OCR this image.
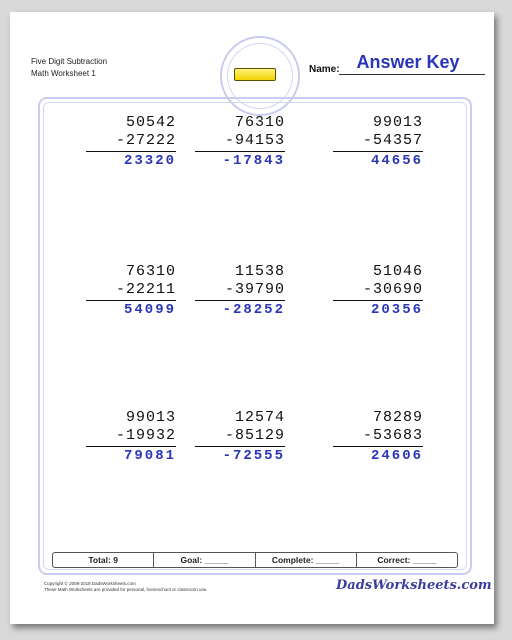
Five Digit Subtraction
Math Worksheet 1	Name: Answer Key
50542
-27222
23320
76310
-94153
-17843
99013
-54357
44656
76310
-22211
54099
11538
-39790
-28252
51046
-30690
20356
99013
-19932
79081
12574
-85129
-72555
78289
-53683
24606
Total: 9	Goal: _____	Complete: _____	Correct: _____
Copyright © 2008-2018 DadsWorksheets.com
These Math Worksheets are provided for personal, homeschool or classroom use.	DadsWorksheets.com
